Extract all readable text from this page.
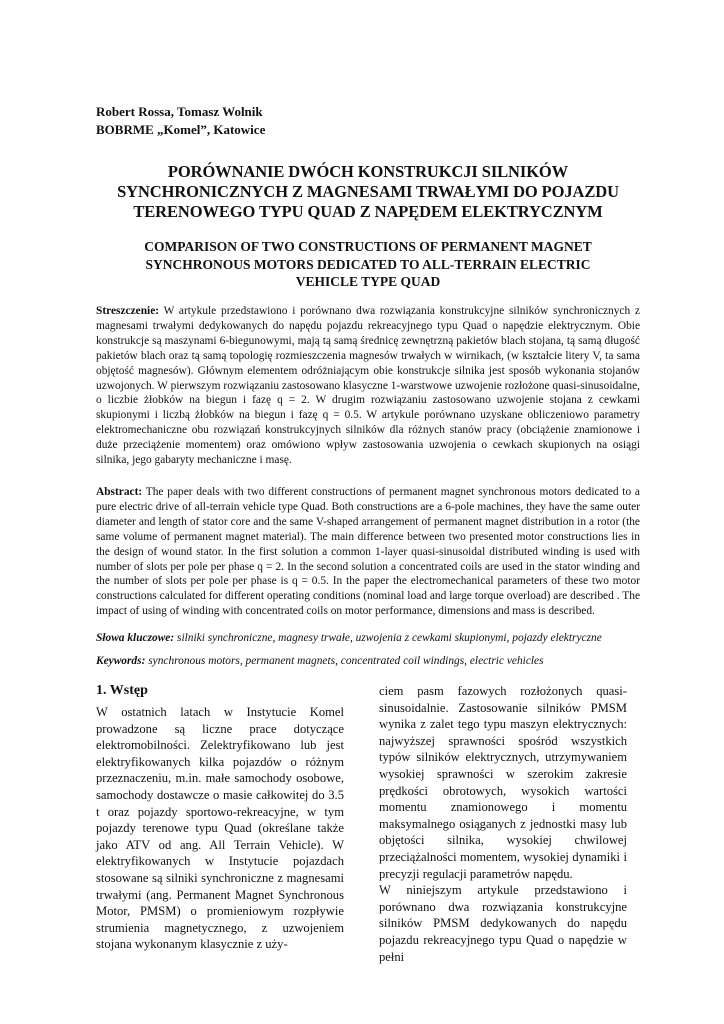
Robert Rossa, Tomasz Wolnik
BOBRME „Komel”, Katowice
PORÓWNANIE DWÓCH KONSTRUKCJI SILNIKÓW
SYNCHRONICZNYCH Z MAGNESAMI TRWAŁYMI DO POJAZDU
TERENOWEGO TYPU QUAD Z NAPĘDEM ELEKTRYCZNYM
COMPARISON OF TWO CONSTRUCTIONS OF PERMANENT MAGNET
SYNCHRONOUS MOTORS DEDICATED TO ALL-TERRAIN ELECTRIC
VEHICLE TYPE QUAD
Streszczenie: W artykule przedstawiono i porównano dwa rozwiązania konstrukcyjne silników synchronicznych z magnesami trwałymi dedykowanych do napędu pojazdu rekreacyjnego typu Quad o napędzie elektrycznym. Obie konstrukcje są maszynami 6-biegunowymi, mają tą samą średnicę zewnętrzną pakietów blach stojana, tą samą długość pakietów blach oraz tą samą topologię rozmieszczenia magnesów trwałych w wirnikach, (w kształcie litery V, ta sama objętość magnesów). Głównym elementem odróżniającym obie konstrukcje silnika jest sposób wykonania stojanów uzwojonych. W pierwszym rozwiązaniu zastosowano klasyczne 1-warstwowe uzwojenie rozłożone quasi-sinusoidalne, o liczbie żłobków na biegun i fazę q = 2. W drugim rozwiązaniu zastosowano uzwojenie stojana z cewkami skupionymi i liczbą żłobków na biegun i fazę q = 0.5. W artykule porównano uzyskane obliczeniowo parametry elektromechaniczne obu rozwiązań konstrukcyjnych silników dla różnych stanów pracy (obciążenie znamionowe i duże przeciążenie momentem) oraz omówiono wpływ zastosowania uzwojenia o cewkach skupionych na osiągi silnika, jego gabaryty mechaniczne i masę.
Abstract: The paper deals with two different constructions of permanent magnet synchronous motors dedicated to a pure electric drive of all-terrain vehicle type Quad. Both constructions are a 6-pole machines, they have the same outer diameter and length of stator core and the same V-shaped arrangement of permanent magnet distribution in a rotor (the same volume of permanent magnet material). The main difference between two presented motor constructions lies in the design of wound stator. In the first solution a common 1-layer quasi-sinusoidal distributed winding is used with number of slots per pole per phase q = 2. In the second solution a concentrated coils are used in the stator winding and the number of slots per pole per phase is q = 0.5. In the paper the electromechanical parameters of these two motor constructions calculated for different operating conditions (nominal load and large torque overload) are described . The impact of using of winding with concentrated coils on motor performance, dimensions and mass is described.
Słowa kluczowe: silniki synchroniczne, magnesy trwałe, uzwojenia z cewkami skupionymi, pojazdy elektryczne
Keywords: synchronous motors, permanent magnets, concentrated coil windings, electric vehicles
1. Wstęp

W ostatnich latach w Instytucie Komel prowadzone są liczne prace dotyczące elektromobilności. Zelektryfikowano lub jest elektryfikowanych kilka pojazdów o różnym przeznaczeniu, m.in. małe samochody osobowe, samochody dostawcze o masie całkowitej do 3.5 t oraz pojazdy sportowo-rekreacyjne, w tym pojazdy terenowe typu Quad (określane także jako ATV od ang. All Terrain Vehicle). W elektryfikowanych w Instytucie pojazdach stosowane są silniki synchroniczne z magnesami trwałymi (ang. Permanent Magnet Synchronous Motor, PMSM) o promieniowym rozpływie strumienia magnetycznego, z uzwojeniem stojana wykonanym klasycznie z uży-

ciem pasm fazowych rozłożonych quasi-sinusoidalnie. Zastosowanie silników PMSM wynika z zalet tego typu maszyn elektrycznych: najwyższej sprawności spośród wszystkich typów silników elektrycznych, utrzymywaniem wysokiej sprawności w szerokim zakresie prędkości obrotowych, wysokich wartości momentu znamionowego i momentu maksymalnego osiąganych z jednostki masy lub objętości silnika, wysokiej chwilowej przeciążalności momentem, wysokiej dynamiki i precyzji regulacji parametrów napędu.

W niniejszym artykule przedstawiono i porównano dwa rozwiązania konstrukcyjne silników PMSM dedykowanych do napędu pojazdu rekreacyjnego typu Quad o napędzie w pełni
